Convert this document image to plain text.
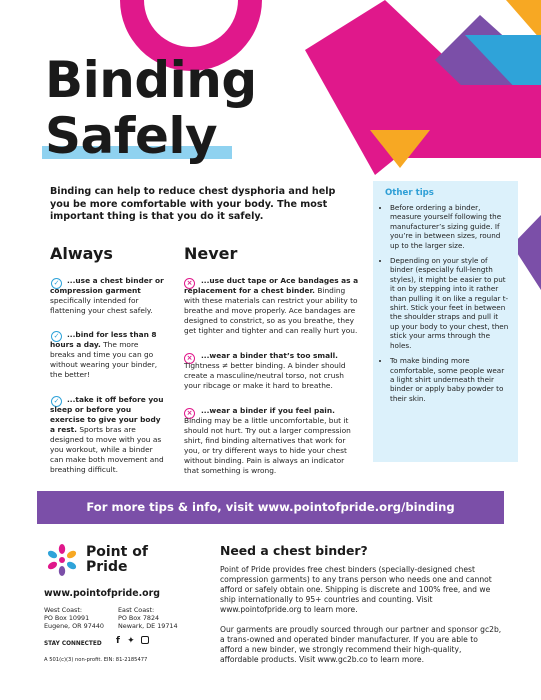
Binding
Safely
Binding can help to reduce chest dysphoria and help you be more comfortable with your body. The most important thing is that you do it safely.
Always
✓	...use a chest binder or compression garment specifically intended for flattening your chest safely.
✓	...bind for less than 8 hours a day. The more breaks and time you can go without wearing your binder, the better!
✓	...take it off before you sleep or before you exercise to give your body a rest. Sports bras are designed to move with you as you workout, while a binder can make both movement and breathing difficult.
Never
×	...use duct tape or Ace bandages as a replacement for a chest binder. Binding with these materials can restrict your ability to breathe and move properly. Ace bandages are designed to constrict, so as you breathe, they get tighter and tighter and can really hurt you.
×	...wear a binder that’s too small. Tightness ≠ better binding. A binder should create a masculine/neutral torso, not crush your ribcage or make it hard to breathe.
×	...wear a binder if you feel pain. Binding may be a little uncomfortable, but it should not hurt. Try out a larger compression shirt, find binding alternatives that work for you, or try different ways to hide your chest without binding. Pain is always an indicator that something is wrong.
Other tips
• Before ordering a binder, measure yourself following the manufacturer’s sizing guide. If you’re in between sizes, round up to the larger size.
• Depending on your style of binder (especially full-length styles), it might be easier to put it on by stepping into it rather than pulling it on like a regular t-shirt. Stick your feet in between the shoulder straps and pull it up your body to your chest, then stick your arms through the holes.
• To make binding more comfortable, some people wear a light shirt underneath their binder or apply baby powder to their skin.
For more tips & info, visit www.pointofpride.org/binding
Point of
Pride
www.pointofpride.org
West Coast:
PO Box 10991
Eugene, OR 97440
East Coast:
PO Box 7824
Newark, DE 19714
STAY CONNECTED f ✦
A 501(c)(3) non-profit. EIN: 81-2185477
Need a chest binder?
Point of Pride provides free chest binders (specially-designed chest compression garments) to any trans person who needs one and cannot afford or safely obtain one. Shipping is discrete and 100% free, and we ship internationally to 95+ countries and counting. Visit www.pointofpride.org to learn more.
Our garments are proudly sourced through our partner and sponsor gc2b, a trans-owned and operated binder manufacturer. If you are able to afford a new binder, we strongly recommend their high-quality, affordable products. Visit www.gc2b.co to learn more.
